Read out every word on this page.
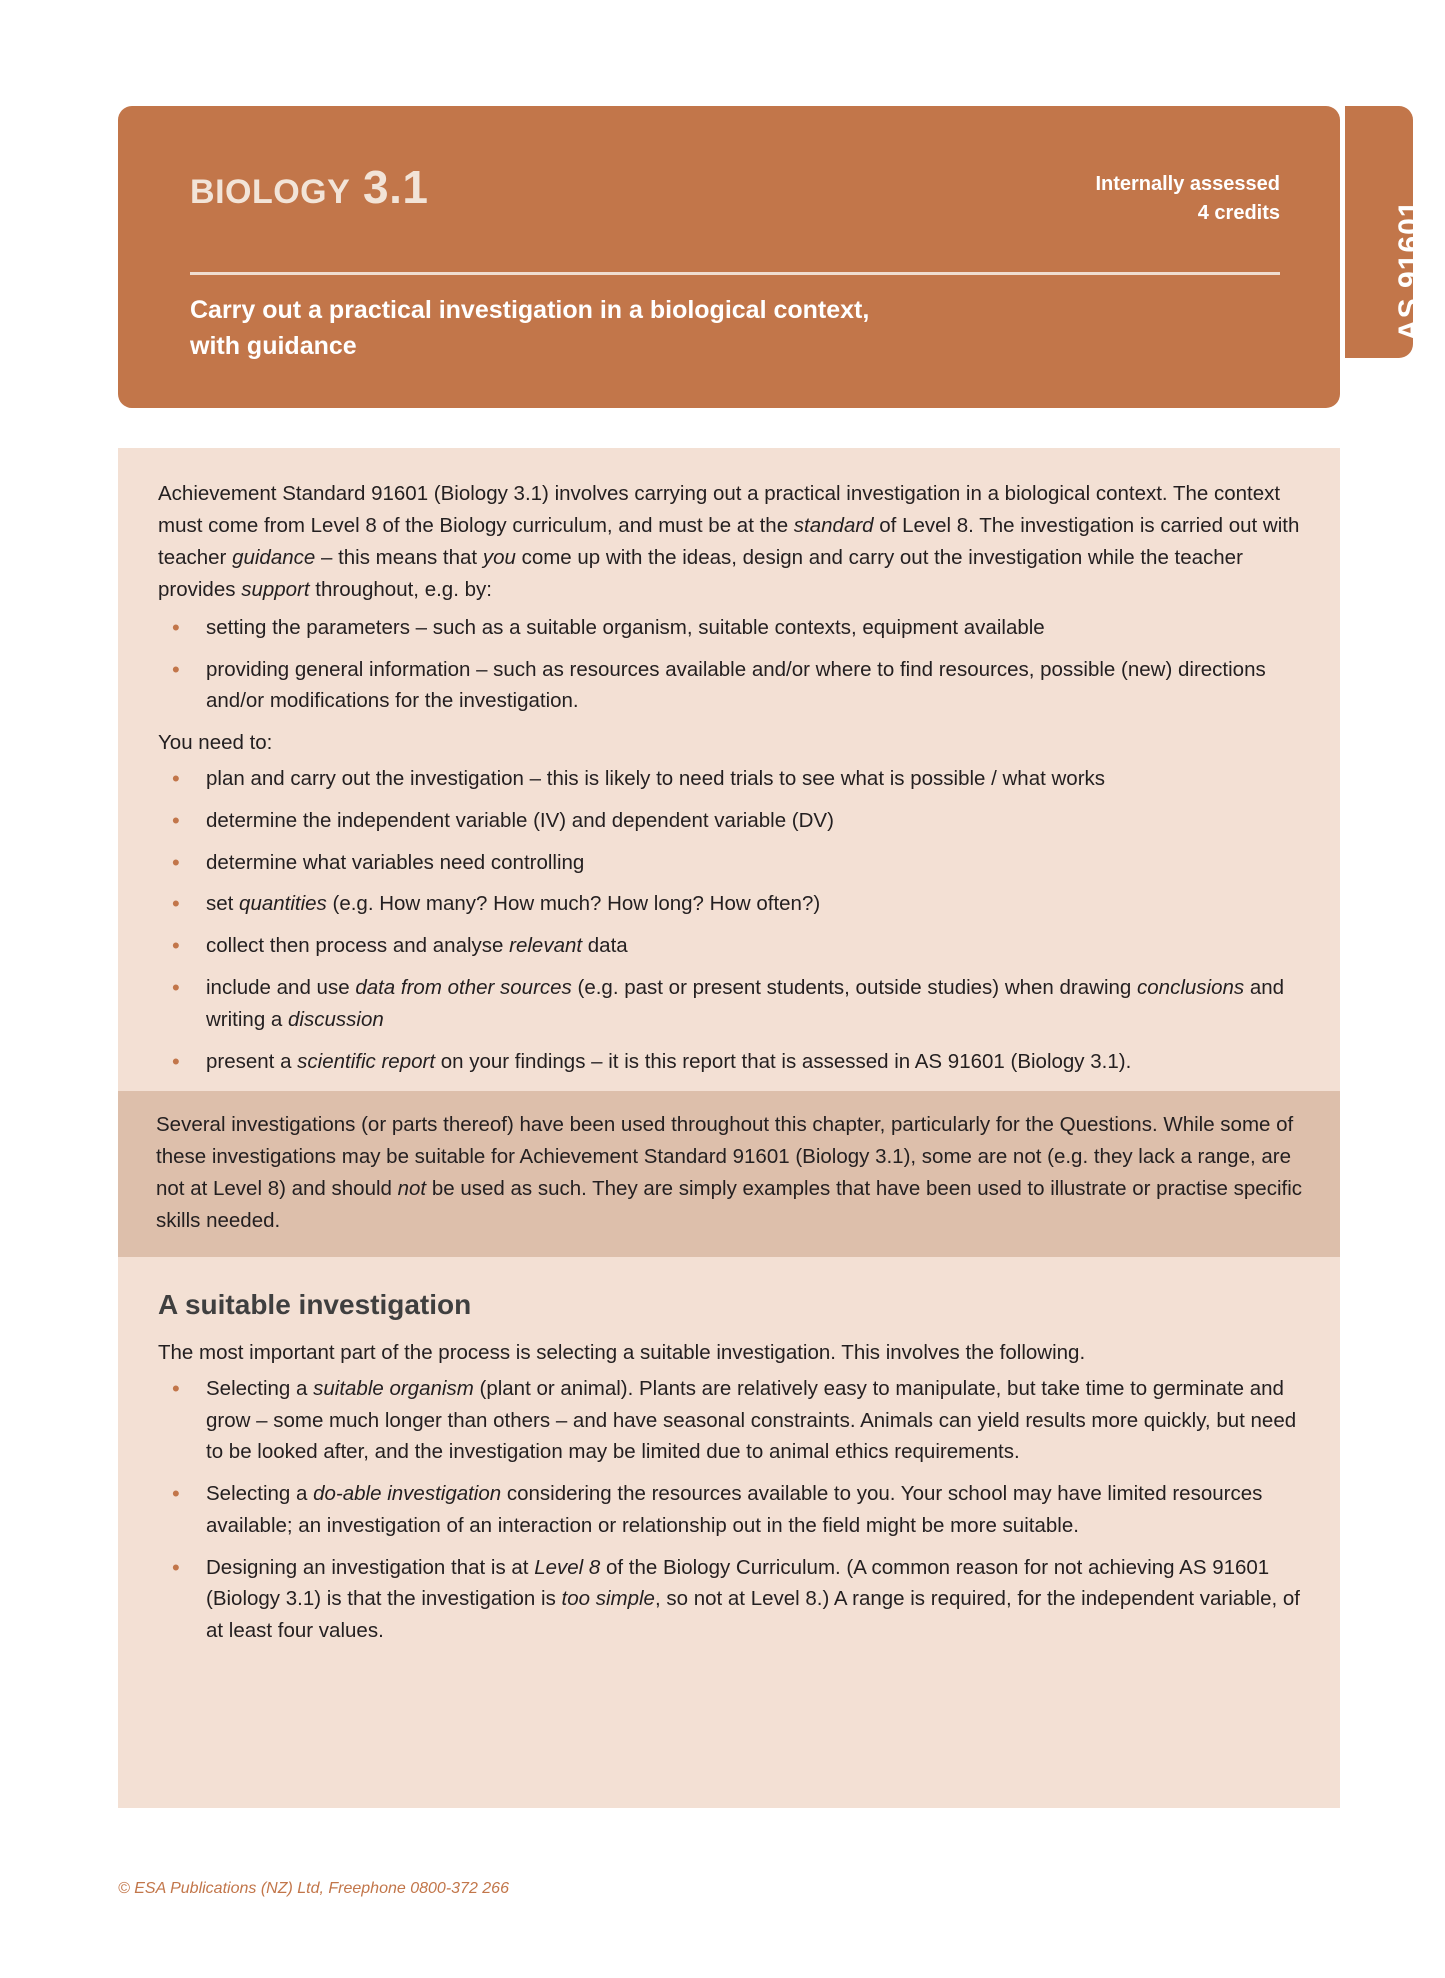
AS 91601
BIOLOGY 3.1	Internally assessed
4 credits
Carry out a practical investigation in a biological context,
with guidance

Achievement Standard 91601 (Biology 3.1) involves carrying out a practical investigation in a biological context. The context must come from Level 8 of the Biology curriculum, and must be at the standard of Level 8. The investigation is carried out with teacher guidance – this means that you come up with the ideas, design and carry out the investigation while the teacher provides support throughout, e.g. by:

• setting the parameters – such as a suitable organism, suitable contexts, equipment available
• providing general information – such as resources available and/or where to find resources, possible (new) directions and/or modifications for the investigation.

You need to:

• plan and carry out the investigation – this is likely to need trials to see what is possible / what works
• determine the independent variable (IV) and dependent variable (DV)
• determine what variables need controlling
• set quantities (e.g. How many? How much? How long? How often?)
• collect then process and analyse relevant data
• include and use data from other sources (e.g. past or present students, outside studies) when drawing conclusions and writing a discussion
• present a scientific report on your findings – it is this report that is assessed in AS 91601 (Biology 3.1).
Several investigations (or parts thereof) have been used throughout this chapter, particularly for the Questions. While some of these investigations may be suitable for Achievement Standard 91601 (Biology 3.1), some are not (e.g. they lack a range, are not at Level 8) and should not be used as such. They are simply examples that have been used to illustrate or practise specific skills needed.
A suitable investigation

The most important part of the process is selecting a suitable investigation. This involves the following.

• Selecting a suitable organism (plant or animal). Plants are relatively easy to manipulate, but take time to germinate and grow – some much longer than others – and have seasonal constraints. Animals can yield results more quickly, but need to be looked after, and the investigation may be limited due to animal ethics requirements.
• Selecting a do-able investigation considering the resources available to you. Your school may have limited resources available; an investigation of an interaction or relationship out in the field might be more suitable.
• Designing an investigation that is at Level 8 of the Biology Curriculum. (A common reason for not achieving AS 91601 (Biology 3.1) is that the investigation is too simple, so not at Level 8.) A range is required, for the independent variable, of at least four values.
© ESA Publications (NZ) Ltd, Freephone 0800-372 266
